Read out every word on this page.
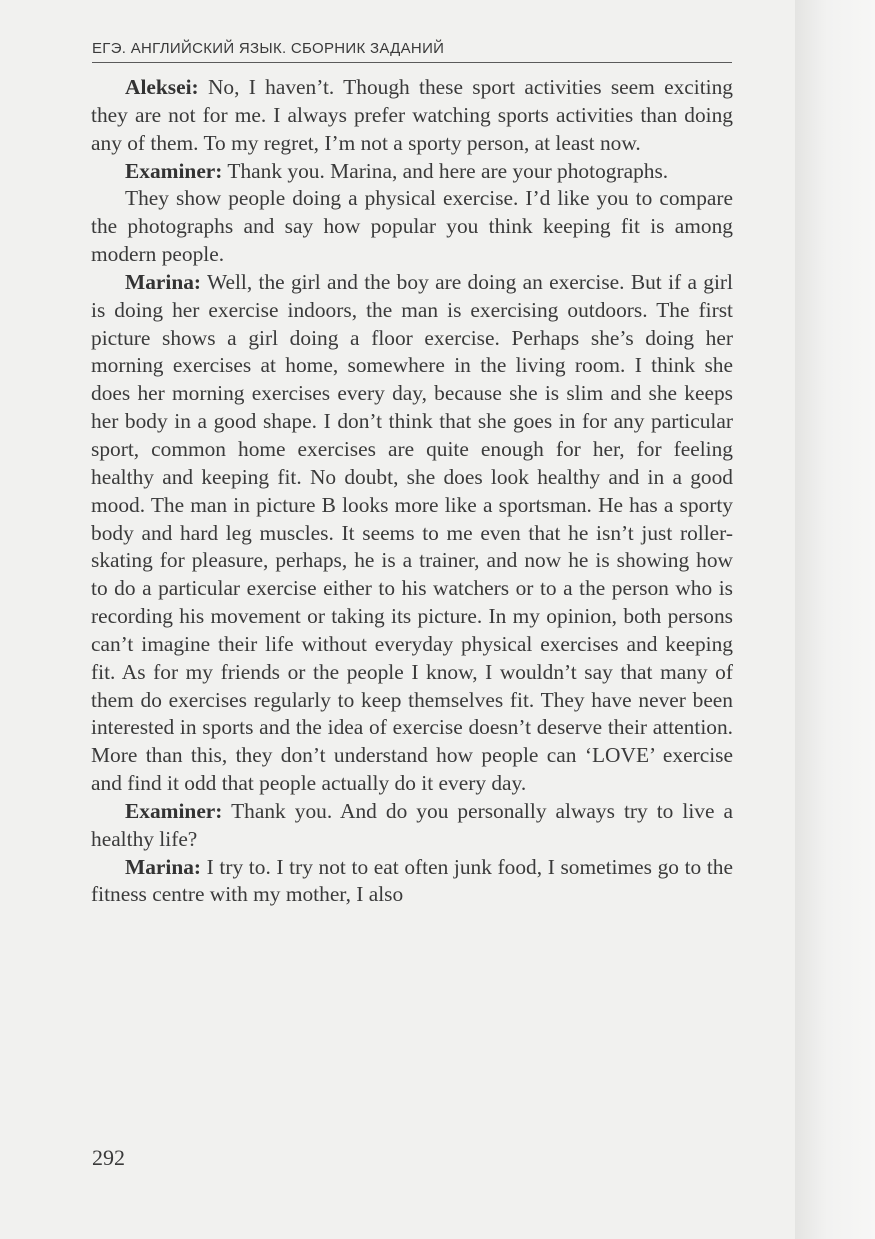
ЕГЭ. АНГЛИЙСКИЙ ЯЗЫК. СБОРНИК ЗАДАНИЙ

Aleksei: No, I haven’t. Though these sport activities seem exciting they are not for me. I always prefer watching sports activities than doing any of them. To my regret, I’m not a sporty person, at least now.

Examiner: Thank you. Marina, and here are your photographs.

They show people doing a physical exercise. I’d like you to compare the photographs and say how popular you think keeping fit is among modern people.

Marina: Well, the girl and the boy are doing an exercise. But if a girl is doing her exercise indoors, the man is exercising outdoors. The first picture shows a girl doing a floor exercise. Perhaps she’s doing her morning exercises at home, somewhere in the living room. I think she does her morning exercises every day, because she is slim and she keeps her body in a good shape. I don’t think that she goes in for any particular sport, common home exercises are quite enough for her, for feeling healthy and keeping fit. No doubt, she does look healthy and in a good mood. The man in picture B looks more like a sportsman. He has a sporty body and hard leg muscles. It seems to me even that he isn’t just roller-skating for pleasure, perhaps, he is a trainer, and now he is showing how to do a particular exercise either to his watchers or to a the person who is recording his movement or taking its picture. In my opinion, both persons can’t imagine their life without everyday physical exercises and keeping fit. As for my friends or the people I know, I wouldn’t say that many of them do exercises regularly to keep themselves fit. They have never been interested in sports and the idea of exercise doesn’t deserve their attention. More than this, they don’t understand how people can ‘LOVE’ exercise and find it odd that people actually do it every day.

Examiner: Thank you. And do you personally always try to live a healthy life?

Marina: I try to. I try not to eat often junk food, I sometimes go to the fitness centre with my mother, I also

292
